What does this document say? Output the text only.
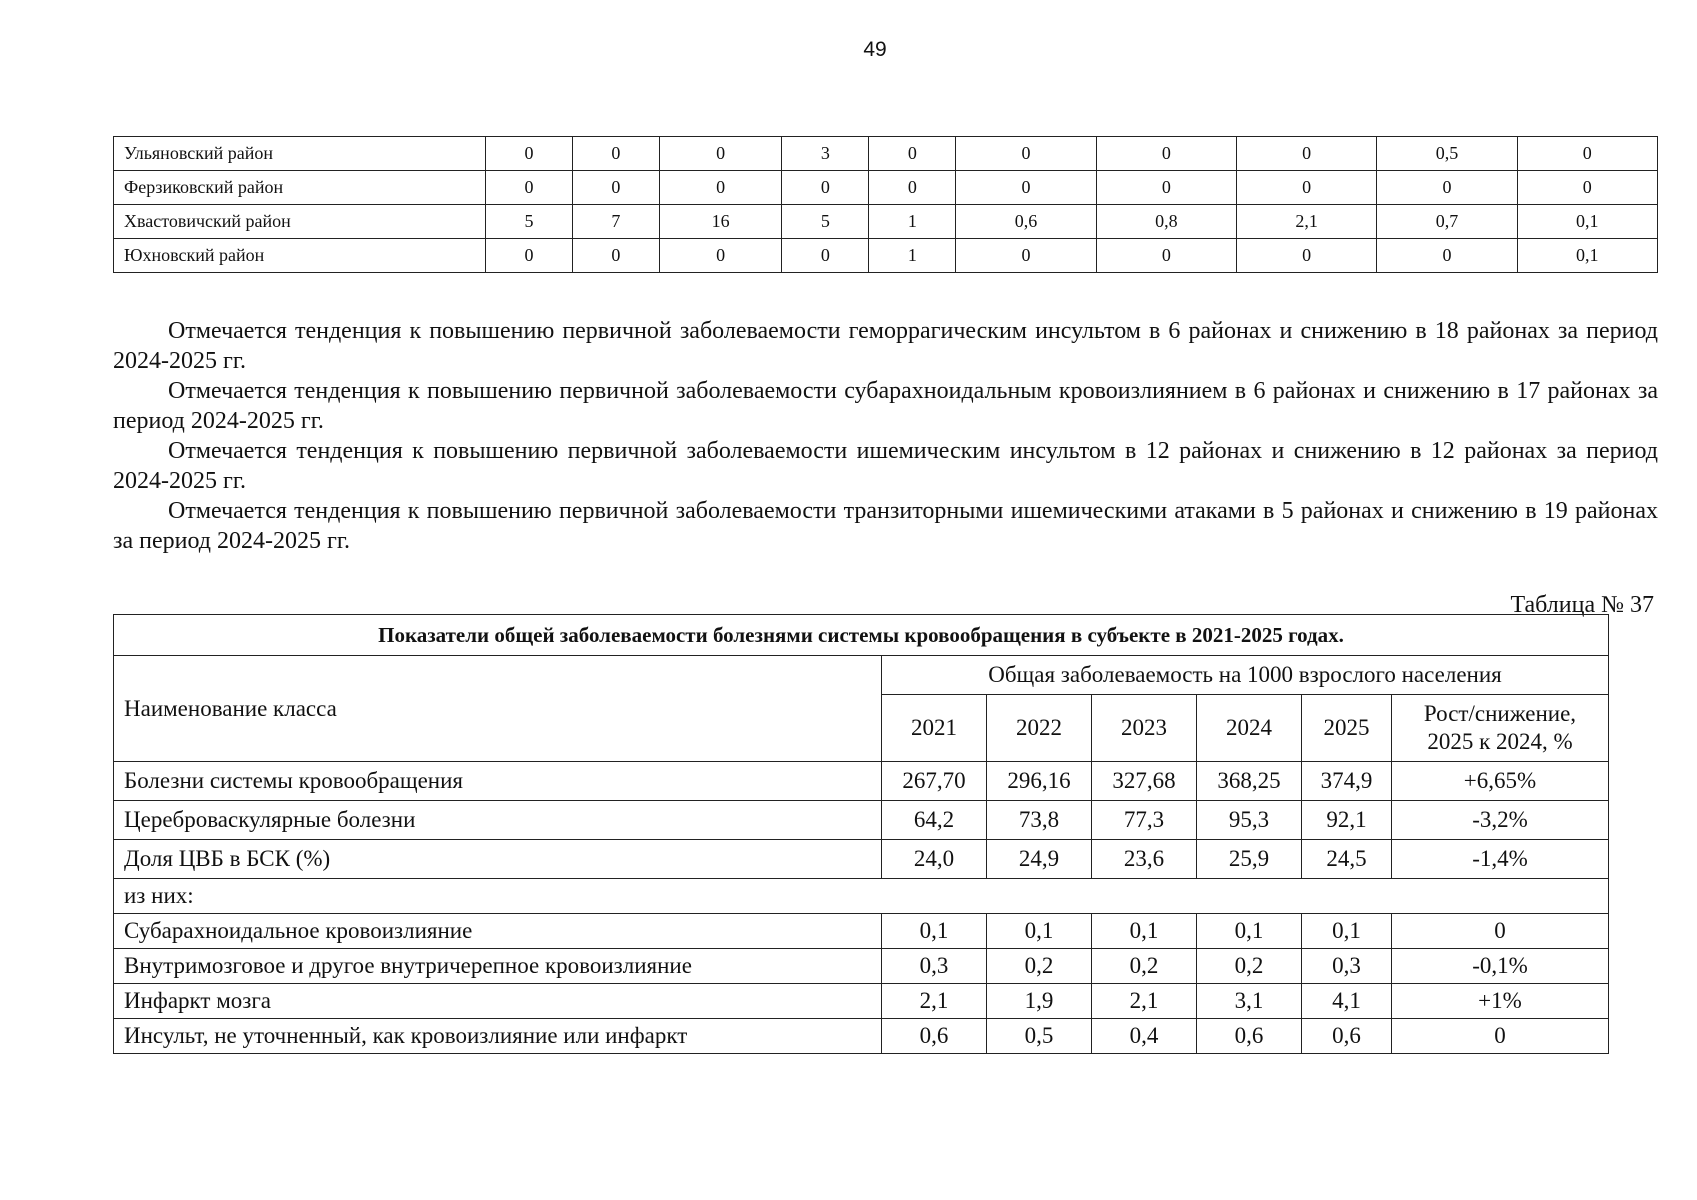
49
Ульяновский район	0	0	0	3	0	0	0	0	0,5	0
Ферзиковский район	0	0	0	0	0	0	0	0	0	0
Хвастовичский район	5	7	16	5	1	0,6	0,8	2,1	0,7	0,1
Юхновский район	0	0	0	0	1	0	0	0	0	0,1

Отмечается тенденция к повышению первичной заболеваемости геморрагическим инсультом в 6 районах и снижению в 18 районах за период 2024-2025 гг.

Отмечается тенденция к повышению первичной заболеваемости субарахноидальным кровоизлиянием в 6 районах и снижению в 17 районах за период 2024-2025 гг.

Отмечается тенденция к повышению первичной заболеваемости ишемическим инсультом в 12 районах и снижению в 12 районах за период 2024-2025 гг.

Отмечается тенденция к повышению первичной заболеваемости транзиторными ишемическими атаками в 5 районах и снижению в 19 районах за период 2024-2025 гг.

Таблица № 37
Показатели общей заболеваемости болезнями системы кровообращения в субъекте в 2021-2025 годах.						
Наименование класса	Общая заболеваемость на 1000 взрослого населения					
	2021	2022	2023	2024	2025	Рост/снижение, 2025 к 2024, %
Болезни системы кровообращения	267,70	296,16	327,68	368,25	374,9	+6,65%
Цереброваскулярные болезни	64,2	73,8	77,3	95,3	92,1	-3,2%
Доля ЦВБ в БСК (%)	24,0	24,9	23,6	25,9	24,5	-1,4%
из них:						
Субарахноидальное кровоизлияние	0,1	0,1	0,1	0,1	0,1	0
Внутримозговое и другое внутричерепное кровоизлияние	0,3	0,2	0,2	0,2	0,3	-0,1%
Инфаркт мозга	2,1	1,9	2,1	3,1	4,1	+1%
Инсульт, не уточненный, как кровоизлияние или инфаркт	0,6	0,5	0,4	0,6	0,6	0
